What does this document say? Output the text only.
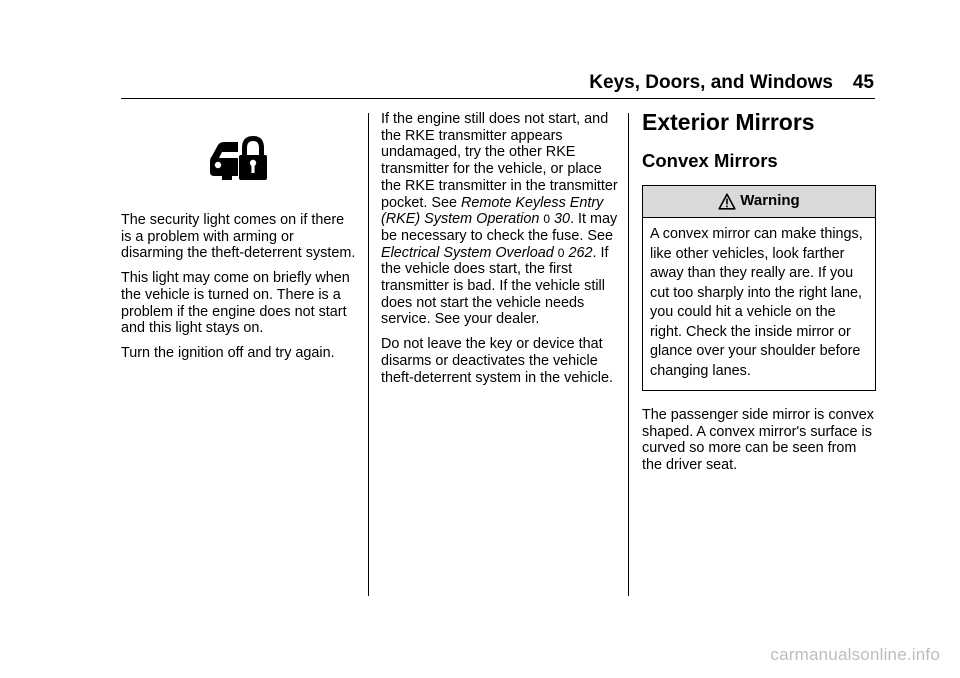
Keys, Doors, and Windows 45

The security light comes on if there is a problem with arming or disarming the theft-deterrent system.

This light may come on briefly when the vehicle is turned on. There is a problem if the engine does not start and this light stays on.

Turn the ignition off and try again.

If the engine still does not start, and the RKE transmitter appears undamaged, try the other RKE transmitter for the vehicle, or place the RKE transmitter in the transmitter pocket. See Remote Keyless Entry (RKE) System Operation 0 30. It may be necessary to check the fuse. See Electrical System Overload 0 262. If the vehicle does start, the first transmitter is bad. If the vehicle still does not start the vehicle needs service. See your dealer.

Do not leave the key or device that disarms or deactivates the vehicle theft-deterrent system in the vehicle.

Exterior Mirrors
Convex Mirrors
Warning
A convex mirror can make things, like other vehicles, look farther away than they really are. If you cut too sharply into the right lane, you could hit a vehicle on the right. Check the inside mirror or glance over your shoulder before changing lanes.

The passenger side mirror is convex shaped. A convex mirror's surface is curved so more can be seen from the driver seat.

carmanualsonline.info
